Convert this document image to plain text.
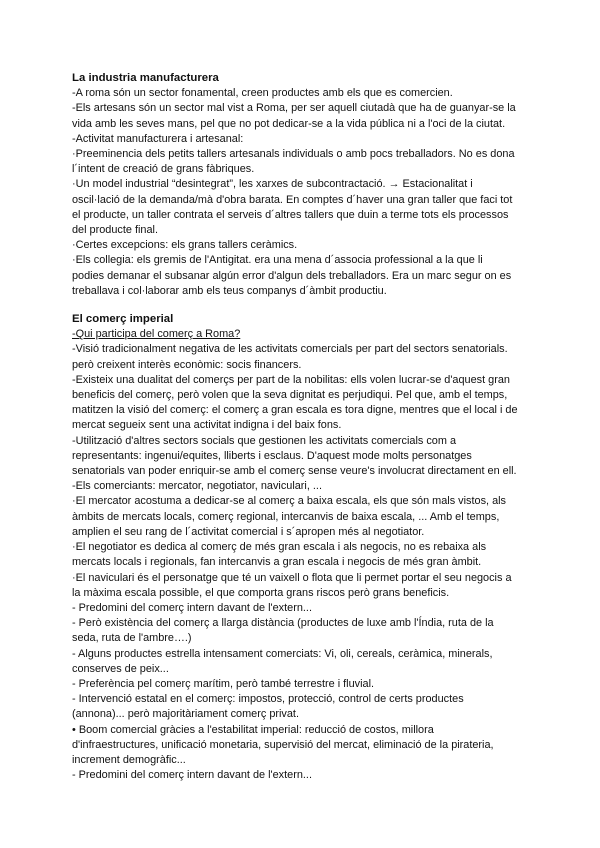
La industria manufacturera

-A roma són un sector fonamental, creen productes amb els que es comercien.

-Els artesans són un sector mal vist a Roma, per ser aquell ciutadà que ha de guanyar-se la

vida amb les seves mans, pel que no pot dedicar-se a la vida pública ni a l'oci de la ciutat.

-Activitat manufacturera i artesanal:

·Preeminencia dels petits tallers artesanals individuals o amb pocs treballadors. No es dona

l´intent de creació de grans fàbriques.

·Un model industrial “desintegrat”, les xarxes de subcontractació. → Estacionalitat i

oscil·lació de la demanda/mà d'obra barata. En comptes d´haver una gran taller que faci tot

el producte, un taller contrata el serveis d´altres tallers que duin a terme tots els processos

del producte final.

·Certes excepcions: els grans tallers ceràmics.

·Els collegia: els gremis de l'Antigitat. era una mena d´associa professional a la que li

podies demanar el subsanar algún error d'algun dels treballadors. Era un marc segur on es

treballava i col·laborar amb els teus companys d´àmbit productiu.

El comerç imperial

-Qui participa del comerç a Roma?

-Visió tradicionalment negativa de les activitats comercials per part del sectors senatorials.

però creixent interès econòmic: socis financers.

-Existeix una dualitat del comerçs per part de la nobilitas: ells volen lucrar-se d'aquest gran

beneficis del comerç, però volen que la seva dignitat es perjudiqui. Pel que, amb el temps,

matitzen la visió del comerç: el comerç a gran escala es tora digne, mentres que el local i de

mercat segueix sent una activitat indigna i del baix fons.

-Utilització d'altres sectors socials que gestionen les activitats comercials com a

representants: ingenui/equites, lliberts i esclaus. D'aquest mode molts personatges

senatorials van poder enriquir-se amb el comerç sense veure's involucrat directament en ell.

-Els comerciants: mercator, negotiator, naviculari, ...

·El mercator acostuma a dedicar-se al comerç a baixa escala, els que són mals vistos, als

àmbits de mercats locals, comerç regional, intercanvis de baixa escala, ... Amb el temps,

amplien el seu rang de l´activitat comercial i s´apropen més al negotiator.

·El negotiator es dedica al comerç de més gran escala i als negocis, no es rebaixa als

mercats locals i regionals, fan intercanvis a gran escala i negocis de més gran àmbit.

·El naviculari és el personatge que té un vaixell o flota que li permet portar el seu negocis a

la màxima escala possible, el que comporta grans riscos però grans beneficis.

- Predomini del comerç intern davant de l'extern...

- Però existència del comerç a llarga distància (productes de luxe amb l'Índia, ruta de la

seda, ruta de l'ambre….)

- Alguns productes estrella intensament comerciats: Vi, oli, cereals, ceràmica, minerals,

conserves de peix...

- Preferència pel comerç marítim, però també terrestre i fluvial.

- Intervenció estatal en el comerç: impostos, protecció, control de certs productes

(annona)... però majoritàriament comerç privat.

• Boom comercial gràcies a l'estabilitat imperial: reducció de costos, millora

d'infraestructures, unificació monetaria, supervisió del mercat, eliminació de la pirateria,

increment demogràfic...

- Predomini del comerç intern davant de l'extern...
